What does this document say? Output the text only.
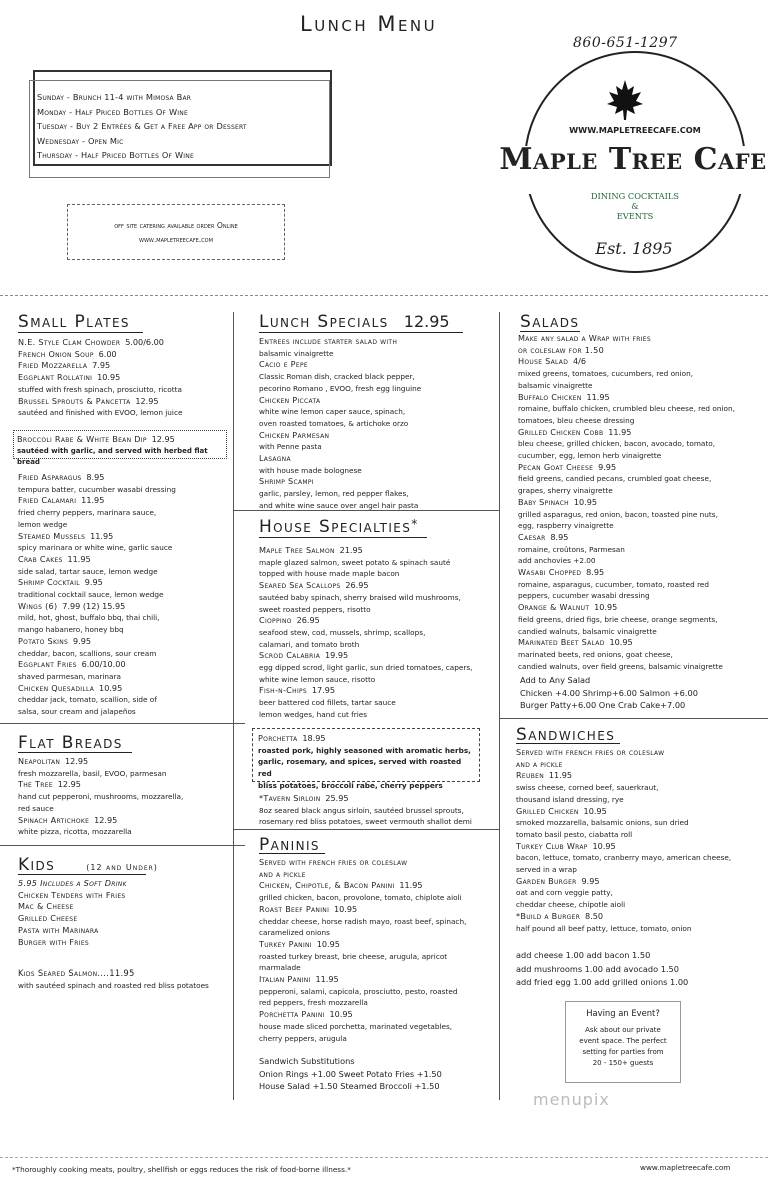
Lunch Menu
Sunday - Brunch 11-4 with Mimosa Bar
Monday - Half Priced Bottles Of Wine
Tuesday - Buy 2 Entrées & Get a Free App or Dessert
Wednesday - Open Mic
Thursday - Half Priced Bottles Of Wine
off site catering available order Online
www.mapletreecafe.com
860-651-1297
WWW.MAPLETREECAFE.COM
Maple Tree Cafe
DINING COCKTAILS
&
EVENTS
Est. 1895
Small Plates
N.E. Style Clam Chowder 5.00/6.00
French Onion Soup 6.00
Fried Mozzarella 7.95
Eggplant Rollatini 10.95
stuffed with fresh spinach, prosciutto, ricotta
Brussel Sprouts & Pancetta 12.95
sautéed and finished with EVOO, lemon juice
Broccoli Rabe & White Bean Dip 12.95
sautéed with garlic, and served with herbed flat bread
Fried Asparagus 8.95
tempura batter, cucumber wasabi dressing
Fried Calamari 11.95
fried cherry peppers, marinara sauce,
lemon wedge
Steamed Mussels 11.95
spicy marinara or white wine, garlic sauce
Crab Cakes 11.95
side salad, tartar sauce, lemon wedge
Shrimp Cocktail 9.95
traditional cocktail sauce, lemon wedge
Wings (6) 7.99 (12) 15.95
mild, hot, ghost, buffalo bbq, thai chili,
mango habanero, honey bbq
Potato Skins 9.95
cheddar, bacon, scallions, sour cream
Eggplant Fries 6.00/10.00
shaved parmesan, marinara
Chicken Quesadilla 10.95
cheddar jack, tomato, scallion, side of
salsa, sour cream and jalapeños
Flat Breads
Neapolitan 12.95
fresh mozzarella, basil, EVOO, parmesan
The Tree 12.95
hand cut pepperoni, mushrooms, mozzarella,
red sauce
Spinach Artichoke 12.95
white pizza, ricotta, mozzarella
Kids	(12 and Under)
5.95 Includes a Soft Drink
Chicken Tenders with Fries
Mac & Cheese
Grilled Cheese
Pasta with Marinara
Burger with Fries
Kids Seared Salmon....11.95
with sautéed spinach and roasted red bliss potatoes
Lunch Specials 12.95
Entrees include starter salad with
balsamic vinaigrette
Cacio e Pepe
Classic Roman dish, cracked black pepper,
pecorino Romano , EVOO, fresh egg linguine
Chicken Piccata
white wine lemon caper sauce, spinach,
oven roasted tomatoes, & artichoke orzo
Chicken Parmesan
with Penne pasta
Lasagna
with house made bolognese
Shrimp Scampi
garlic, parsley, lemon, red pepper flakes,
and white wine sauce over angel hair pasta
House Specialties*
Maple Tree Salmon 21.95
maple glazed salmon, sweet potato & spinach sauté
topped with house made maple bacon
Seared Sea Scallops 26.95
sautéed baby spinach, sherry braised wild mushrooms,
sweet roasted peppers, risotto
Cioppino 26.95
seafood stew, cod, mussels, shrimp, scallops,
calamari, and tomato broth
Scrod Calabria 19.95
egg dipped scrod, light garlic, sun dried tomatoes, capers,
white wine lemon sauce, risotto
Fish-n-Chips 17.95
beer battered cod fillets, tartar sauce
lemon wedges, hand cut fries
Porchetta 18.95
roasted pork, highly seasoned with aromatic herbs,
garlic, rosemary, and spices, served with roasted red
bliss potatoes, broccoli rabe, cherry peppers
*Tavern Sirloin 25.95
8oz seared black angus sirloin, sautéed brussel sprouts,
rosemary red bliss potatoes, sweet vermouth shallot demi
Paninis
Served with french fries or coleslaw
and a pickle
Chicken, Chipotle, & Bacon Panini 11.95
grilled chicken, bacon, provolone, tomato, chiplote aioli
Roast Beef Panini 10.95
cheddar cheese, horse radish mayo, roast beef, spinach,
caramelized onions
Turkey Panini 10.95
roasted turkey breast, brie cheese, arugula, apricot
marmalade
Italian Panini 11.95
pepperoni, salami, capicola, prosciutto, pesto, roasted
red peppers, fresh mozzarella
Porchetta Panini 10.95
house made sliced porchetta, marinated vegetables,
cherry peppers, arugula
Sandwich Substitutions
Onion Rings +1.00 Sweet Potato Fries +1.50
House Salad +1.50 Steamed Broccoli +1.50
Salads
Make any salad a Wrap with fries
or coleslaw for 1.50
House Salad 4/6
mixed greens, tomatoes, cucumbers, red onion,
balsamic vinaigrette
Buffalo Chicken 11.95
romaine, buffalo chicken, crumbled bleu cheese, red onion,
tomatoes, bleu cheese dressing
Grilled Chicken Cobb 11.95
bleu cheese, grilled chicken, bacon, avocado, tomato,
cucumber, egg, lemon herb vinaigrette
Pecan Goat Cheese 9.95
field greens, candied pecans, crumbled goat cheese,
grapes, sherry vinaigrette
Baby Spinach 10.95
grilled asparagus, red onion, bacon, toasted pine nuts,
egg, raspberry vinaigrette
Caesar 8.95
romaine, croûtons, Parmesan
add anchovies +2.00
Wasabi Chopped 8.95
romaine, asparagus, cucumber, tomato, roasted red
peppers, cucumber wasabi dressing
Orange & Walnut 10.95
field greens, dried figs, brie cheese, orange segments,
candied walnuts, balsamic vinaigrette
Marinated Beet Salad 10.95
marinated beets, red onions, goat cheese,
candied walnuts, over field greens, balsamic vinaigrette
Add to Any Salad
Chicken +4.00 Shrimp+6.00 Salmon +6.00
Burger Patty+6.00 One Crab Cake+7.00
Sandwiches
Served with french fries or coleslaw
and a pickle
Reuben 11.95
swiss cheese, corned beef, sauerkraut,
thousand island dressing, rye
Grilled Chicken 10.95
smoked mozzarella, balsamic onions, sun dried
tomato basil pesto, ciabatta roll
Turkey Club Wrap 10.95
bacon, lettuce, tomato, cranberry mayo, american cheese,
served in a wrap
Garden Burger 9.95
oat and corn veggie patty,
cheddar cheese, chipotle aioli
*Build a Burger 8.50
half pound all beef patty, lettuce, tomato, onion
add cheese 1.00 add bacon 1.50
add mushrooms 1.00 add avocado 1.50
add fried egg 1.00 add grilled onions 1.00
Having an Event?
Ask about our private
event space. The perfect
setting for parties from
20 - 150+ guests
menupix
*Thoroughly cooking meats, poultry, shellfish or eggs reduces the risk of food-borne illness.*	www.mapletreecafe.com
